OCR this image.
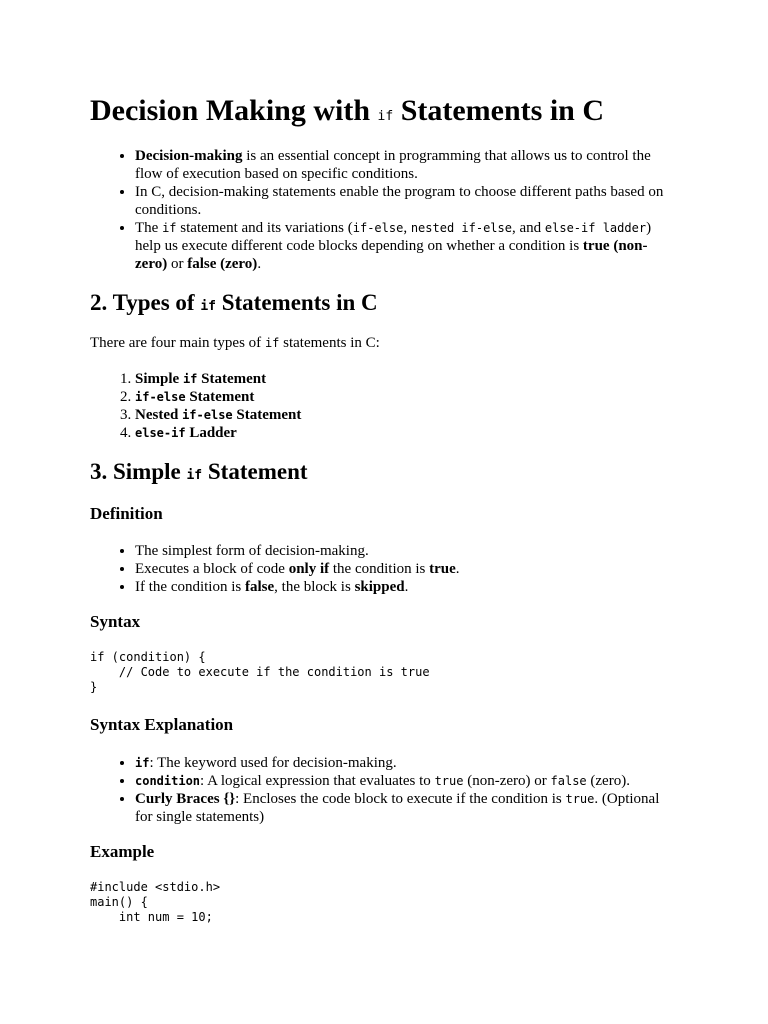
Decision Making with if Statements in C
• Decision-making is an essential concept in programming that allows us to control the flow of execution based on specific conditions.
• In C, decision-making statements enable the program to choose different paths based on conditions.
• The if statement and its variations (if-else, nested if-else, and else-if ladder) help us execute different code blocks depending on whether a condition is true (non-zero) or false (zero).
2. Types of if Statements in C

There are four main types of if statements in C:

1. Simple if Statement
2. if-else Statement
3. Nested if-else Statement
4. else-if Ladder
3. Simple if Statement
Definition
• The simplest form of decision-making.
• Executes a block of code only if the condition is true.
• If the condition is false, the block is skipped.
Syntax
if (condition) {
// Code to execute if the condition is true
}
Syntax Explanation
• if: The keyword used for decision-making.
• condition: A logical expression that evaluates to true (non-zero) or false (zero).
• Curly Braces {}: Encloses the code block to execute if the condition is true. (Optional for single statements)
Example
#include <stdio.h>
main() {
int num = 10;
